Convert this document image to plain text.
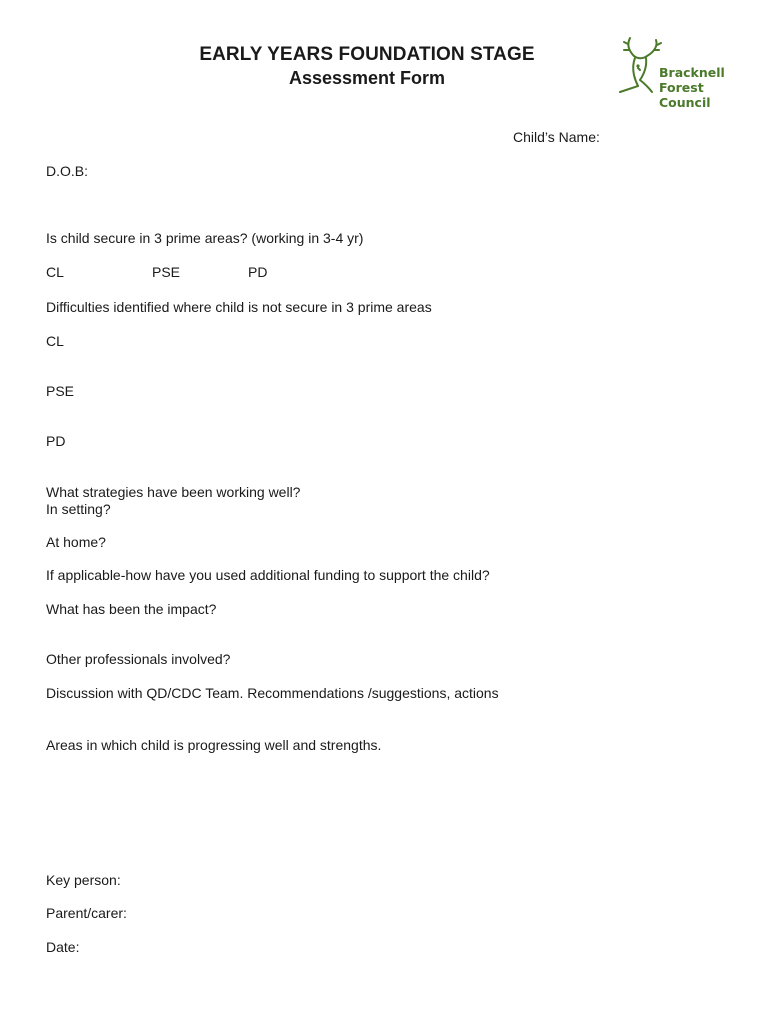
EARLY YEARS FOUNDATION STAGE
Assessment Form	Bracknell
Forest
Council
Child’s Name:
D.O.B:
Is child secure in 3 prime areas? (working in 3-4 yr)
CL	PSE	PD
Difficulties identified where child is not secure in 3 prime areas
CL
PSE
PD
What strategies have been working well?
In setting?
At home?
If applicable-how have you used additional funding to support the child?
What has been the impact?
Other professionals involved?
Discussion with QD/CDC Team. Recommendations /suggestions, actions
Areas in which child is progressing well and strengths.
Key person:
Parent/carer:
Date:
